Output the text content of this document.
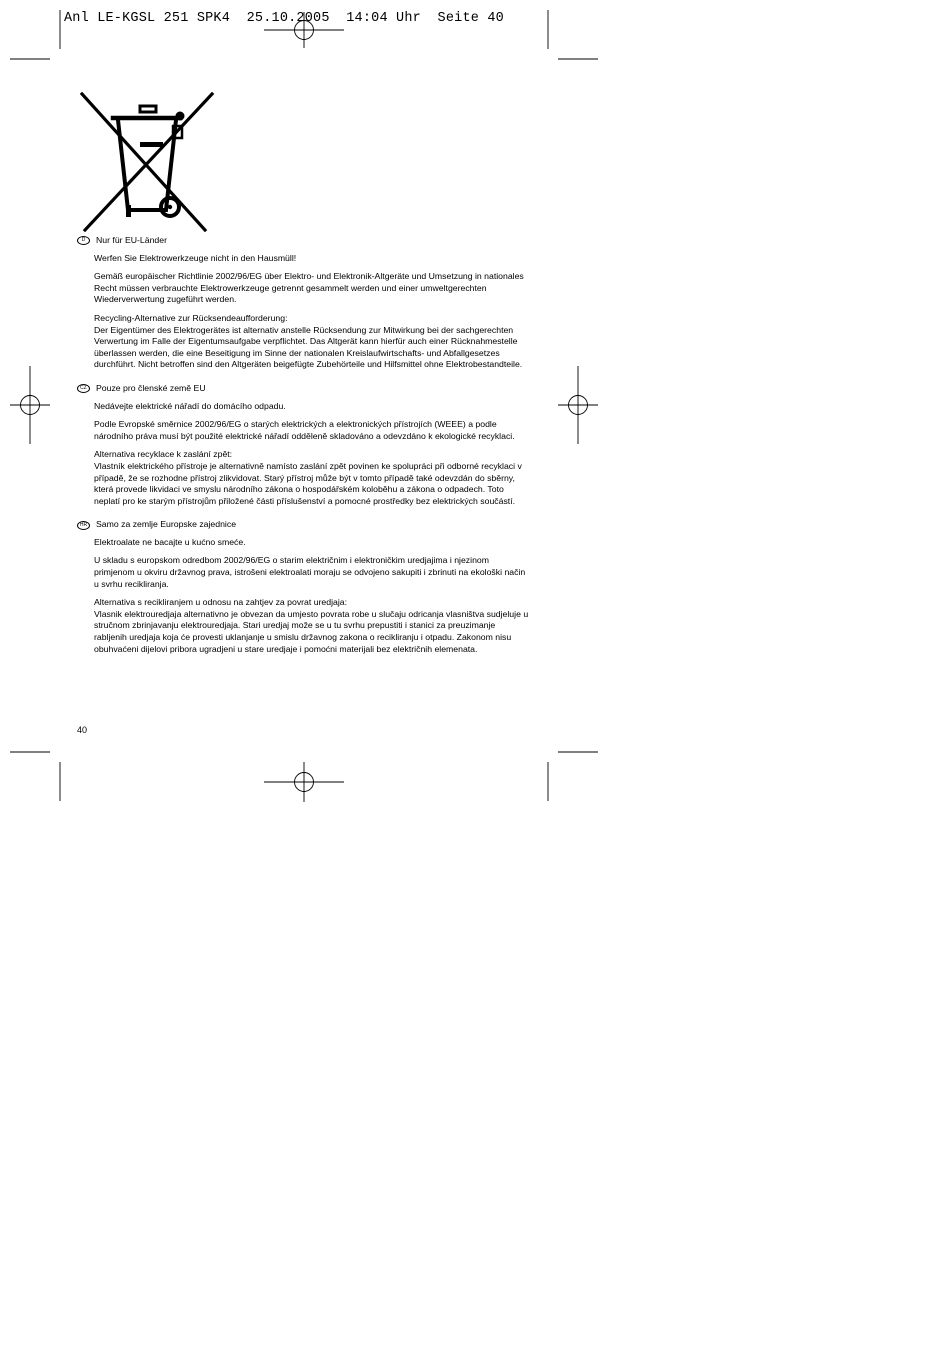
Anl LE-KGSL 251 SPK4  25.10.2005  14:04 Uhr  Seite 40
D	Nur für EU-Länder

Werfen Sie Elektrowerkzeuge nicht in den Hausmüll!

Gemäß europäischer Richtlinie 2002/96/EG über Elektro- und Elektronik-Altgeräte und Umsetzung in nationales Recht müssen verbrauchte Elektrowerkzeuge getrennt gesammelt werden und einer umweltgerechten Wiederverwertung zugeführt werden.

Recycling-Alternative zur Rücksendeaufforderung:

Der Eigentümer des Elektrogerätes ist alternativ anstelle Rücksendung zur Mitwirkung bei der sachgerechten Verwertung im Falle der Eigentumsaufgabe verpflichtet. Das Altgerät kann hierfür auch einer Rücknahmestelle überlassen werden, die eine Beseitigung im Sinne der nationalen Kreislaufwirtschafts- und Abfallgesetzes durchführt. Nicht betroffen sind den Altgeräten beigefügte Zubehörteile und Hilfsmittel ohne Elektrobestandteile.

CZ	Pouze pro členské země EU

Nedávejte elektrické nářadí do domácího odpadu.

Podle Evropské směrnice 2002/96/EG o starých elektrických a elektronických přístrojích (WEEE) a podle národního práva musí být použité elektrické nářadí odděleně skladováno a odevzdáno k ekologické recyklaci.

Alternativa recyklace k zaslání zpět:

Vlastník elektrického přístroje je alternativně namísto zaslání zpět povinen ke spolupráci při odborné recyklaci v případě, že se rozhodne přístroj zlikvidovat. Starý přístroj může být v tomto případě také odevzdán do sběrny, která provede likvidaci ve smyslu národního zákona o hospodářském koloběhu a zákona o odpadech. Toto neplatí pro ke starým přístrojům přiložené části příslušenství a pomocné prostředky bez elektrických součástí.

HR	Samo za zemlje Europske zajednice

Elektroalate ne bacajte u kućno smeće.

U skladu s europskom odredbom 2002/96/EG o starim električnim i elektroničkim uredjajima i njezinom primjenom u okviru državnog prava, istrošeni elektroalati moraju se odvojeno sakupiti i zbrinuti na ekološki način u svrhu recikliranja.

Alternativa s recikliranjem u odnosu na zahtjev za povrat uredjaja:

Vlasnik elektrouredjaja alternativno je obvezan da umjesto povrata robe u slučaju odricanja vlasništva sudjeluje u stručnom zbrinjavanju elektrouredjaja. Stari uredjaj može se u tu svrhu prepustiti i stanici za preuzimanje rabljenih uredjaja koja će provesti uklanjanje u smislu državnog zakona o recikliranju i otpadu. Zakonom nisu obuhvaćeni dijelovi pribora ugradjeni u stare uredjaje i pomoćni materijali bez električnih elemenata.

40
